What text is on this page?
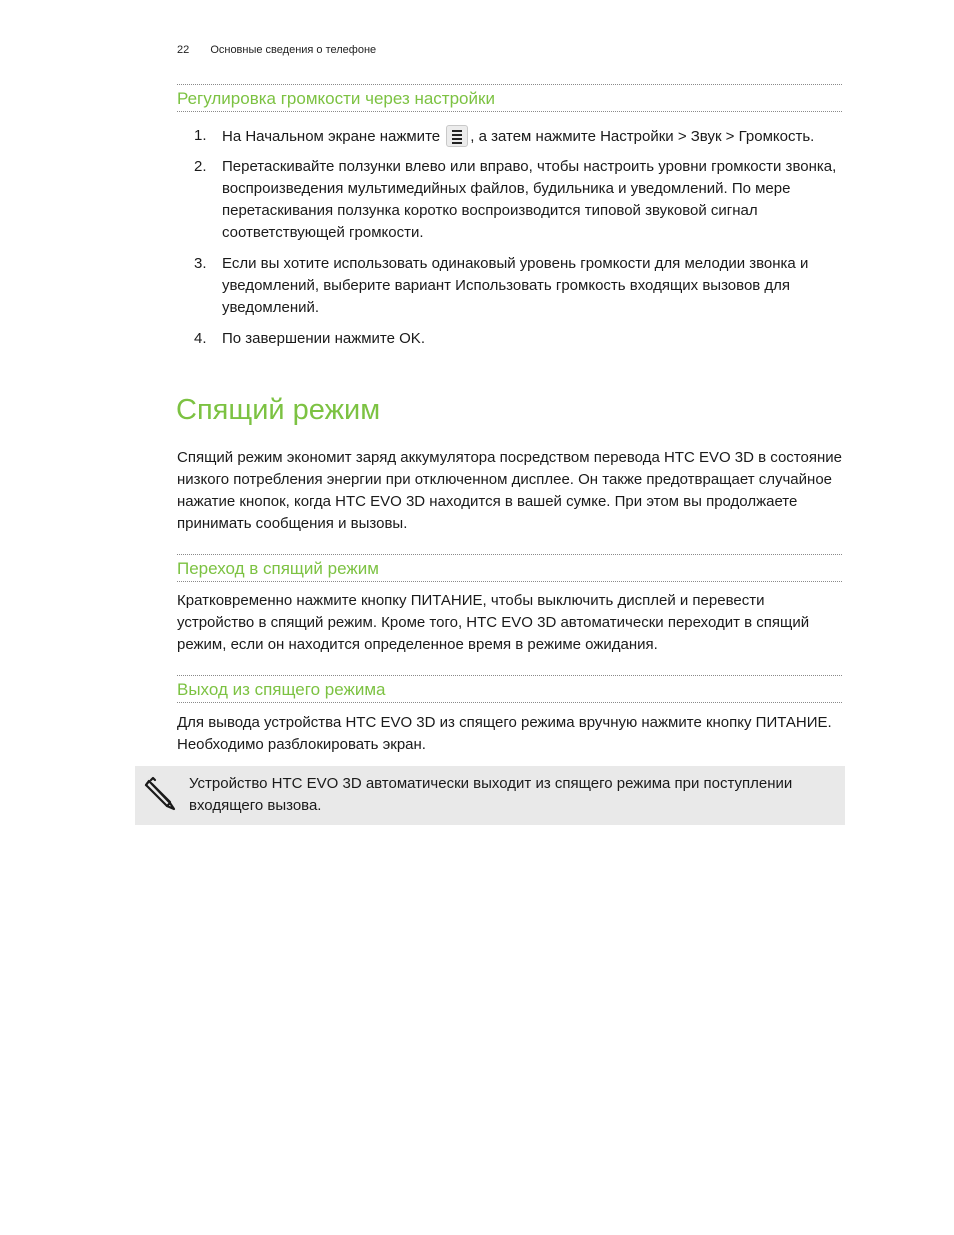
22 Основные сведения о телефоне
Регулировка громкости через настройки
1. На Начальном экране нажмите , а затем нажмите Настройки > Звук > Громкость.
2. Перетаскивайте ползунки влево или вправо, чтобы настроить уровни громкости звонка, воспроизведения мультимедийных файлов, будильника и уведомлений. По мере перетаскивания ползунка коротко воспроизводится типовой звуковой сигнал соответствующей громкости.
3. Если вы хотите использовать одинаковый уровень громкости для мелодии звонка и уведомлений, выберите вариант Использовать громкость входящих вызовов для уведомлений.
4. По завершении нажмите OK.
Спящий режим
Спящий режим экономит заряд аккумулятора посредством перевода HTC EVO 3D в состояние низкого потребления энергии при отключенном дисплее. Он также предотвращает случайное нажатие кнопок, когда HTC EVO 3D находится в вашей сумке. При этом вы продолжаете принимать сообщения и вызовы.
Переход в спящий режим
Кратковременно нажмите кнопку ПИТАНИЕ, чтобы выключить дисплей и перевести устройство в спящий режим. Кроме того, HTC EVO 3D автоматически переходит в спящий режим, если он находится определенное время в режиме ожидания.
Выход из спящего режима
Для вывода устройства HTC EVO 3D из спящего режима вручную нажмите кнопку ПИТАНИЕ. Необходимо разблокировать экран.
Устройство HTC EVO 3D автоматически выходит из спящего режима при поступлении входящего вызова.
